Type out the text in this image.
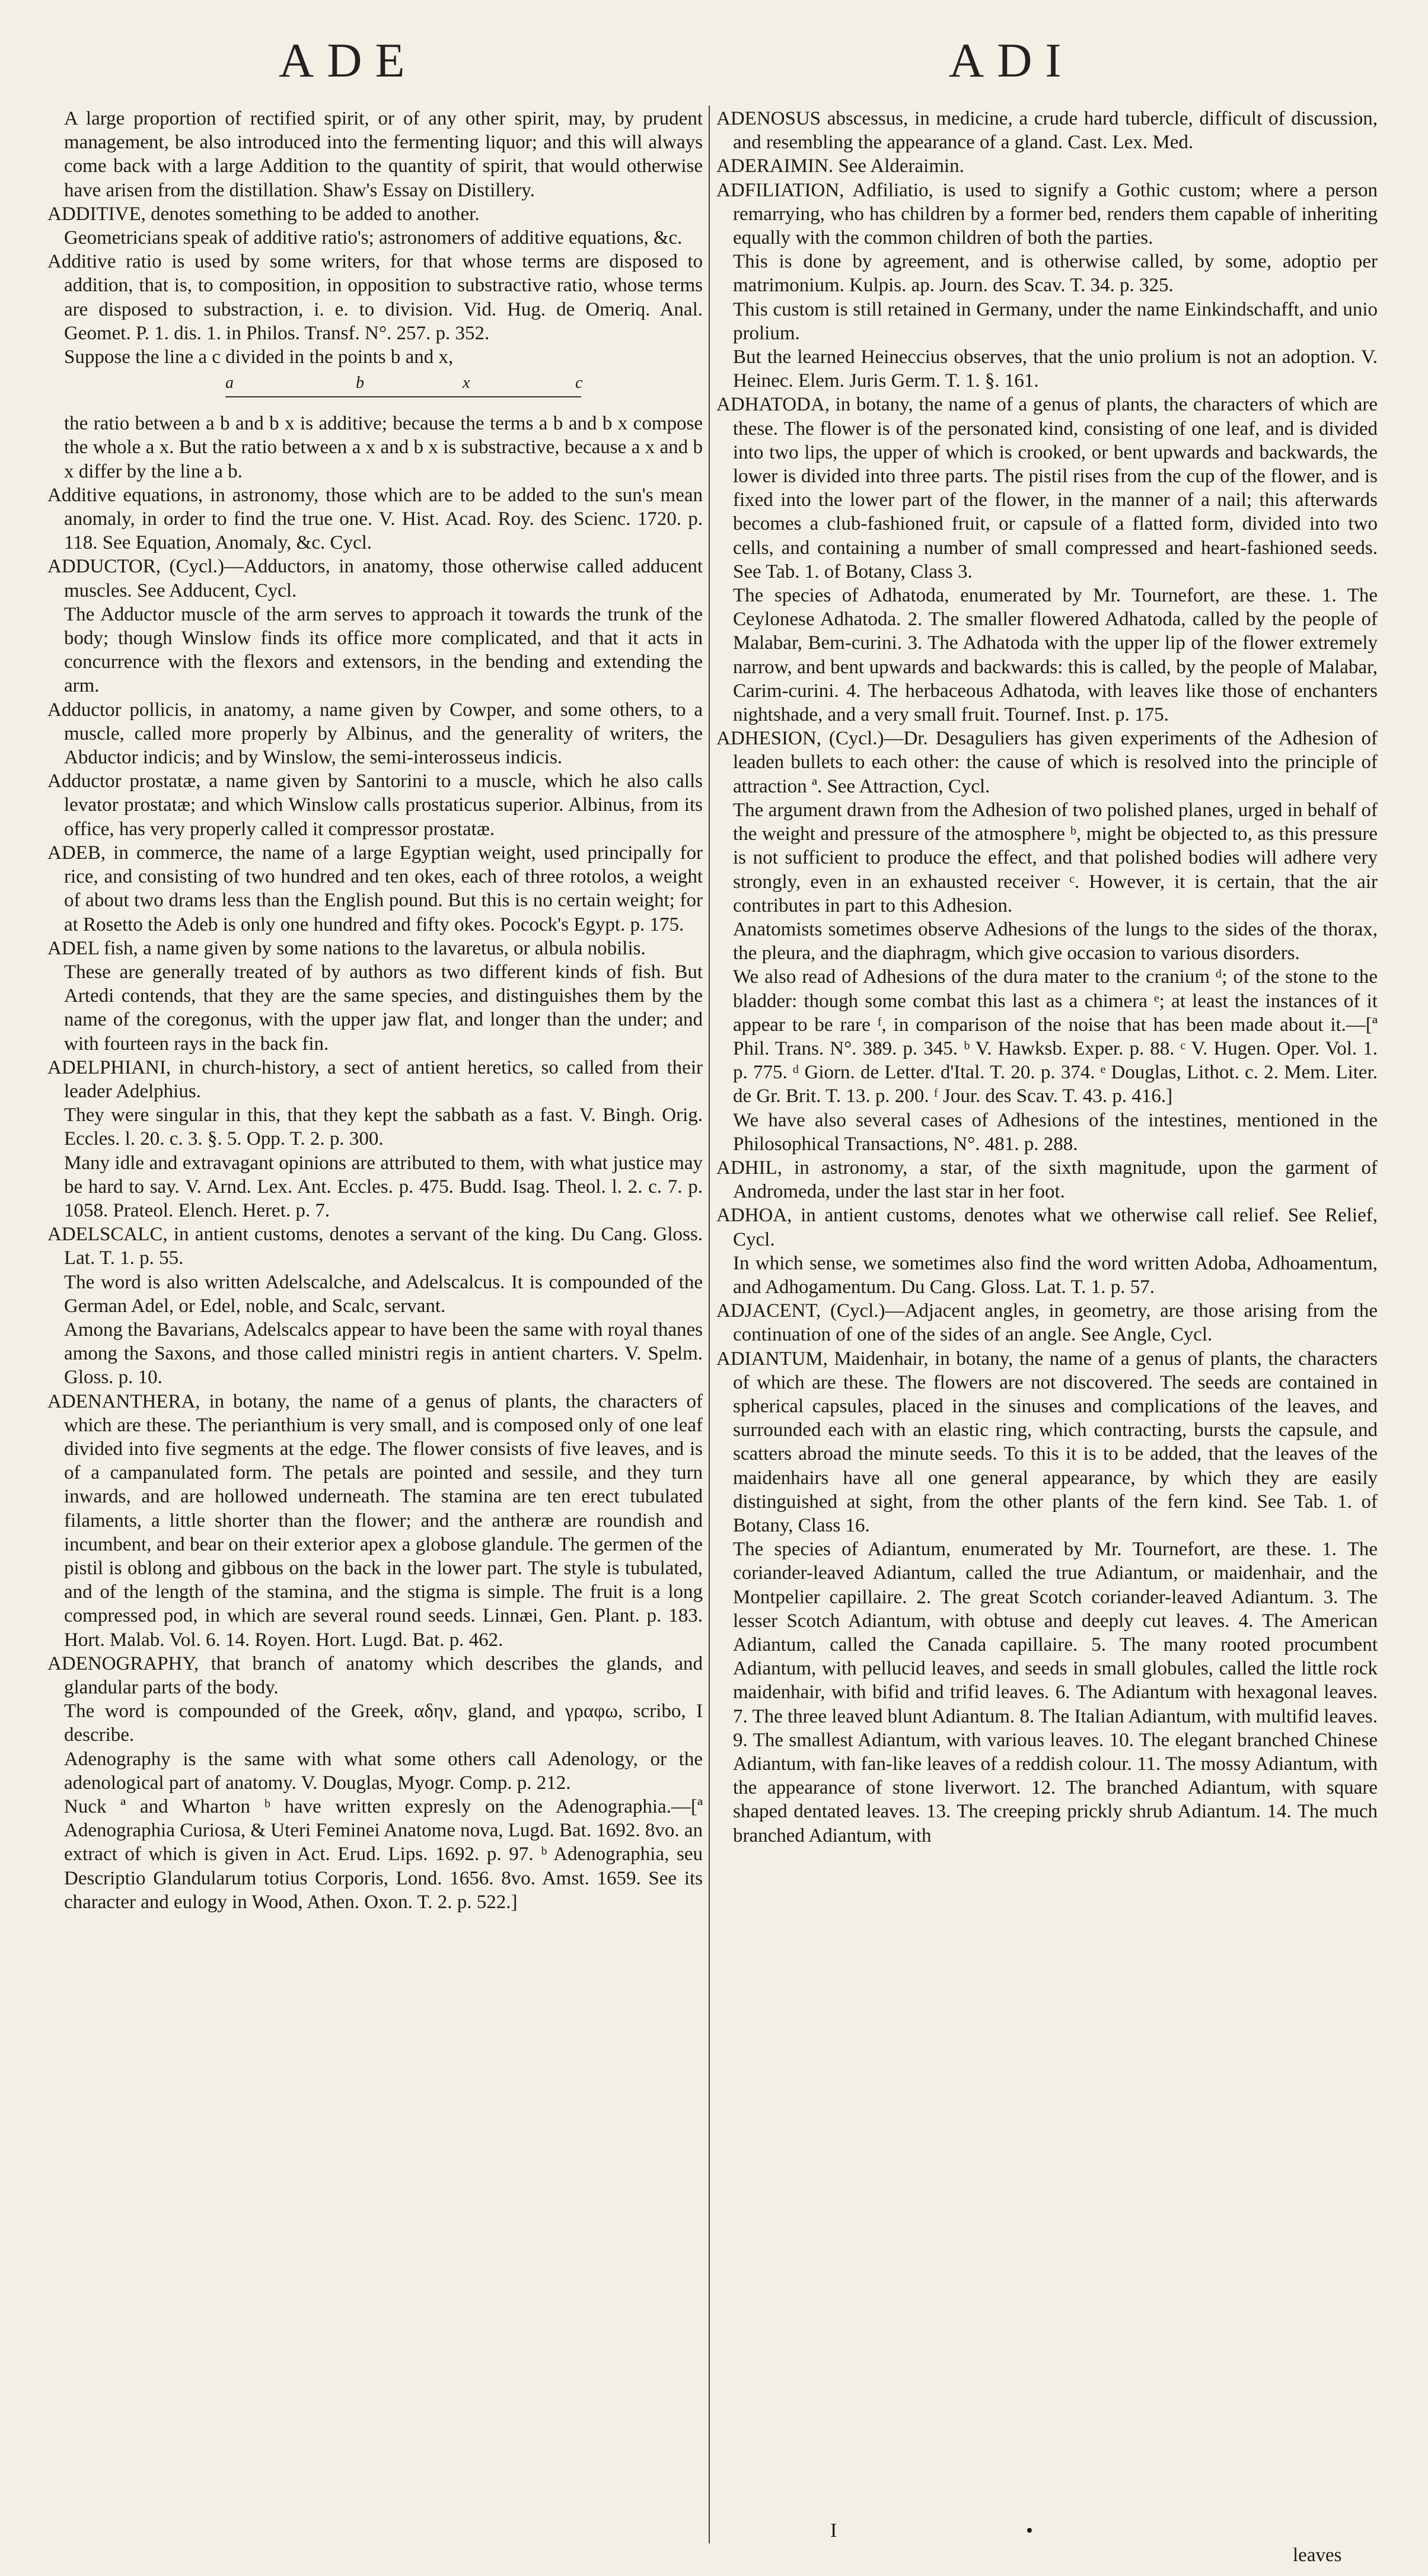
ADE	ADI

A large proportion of rectified spirit, or of any other spirit, may, by prudent management, be also introduced into the fermenting liquor; and this will always come back with a large Addition to the quantity of spirit, that would otherwise have arisen from the distillation. Shaw's Essay on Distillery.

ADDITIVE, denotes something to be added to another.

Geometricians speak of additive ratio's; astronomers of additive equations, &c.

Additive ratio is used by some writers, for that whose terms are disposed to addition, that is, to composition, in opposition to substractive ratio, whose terms are disposed to substraction, i. e. to division. Vid. Hug. de Omeriq. Anal. Geomet. P. 1. dis. 1. in Philos. Transf. N°. 257. p. 352.

Suppose the line a c divided in the points b and x,

a	b	x	c

the ratio between a b and b x is additive; because the terms a b and b x compose the whole a x. But the ratio between a x and b x is substractive, because a x and b x differ by the line a b.

Additive equations, in astronomy, those which are to be added to the sun's mean anomaly, in order to find the true one. V. Hist. Acad. Roy. des Scienc. 1720. p. 118. See Equation, Anomaly, &c. Cycl.

ADDUCTOR, (Cycl.)—Adductors, in anatomy, those otherwise called adducent muscles. See Adducent, Cycl.

The Adductor muscle of the arm serves to approach it towards the trunk of the body; though Winslow finds its office more complicated, and that it acts in concurrence with the flexors and extensors, in the bending and extending the arm.

Adductor pollicis, in anatomy, a name given by Cowper, and some others, to a muscle, called more properly by Albinus, and the generality of writers, the Abductor indicis; and by Winslow, the semi-interosseus indicis.

Adductor prostatæ, a name given by Santorini to a muscle, which he also calls levator prostatæ; and which Winslow calls prostaticus superior. Albinus, from its office, has very properly called it compressor prostatæ.

ADEB, in commerce, the name of a large Egyptian weight, used principally for rice, and consisting of two hundred and ten okes, each of three rotolos, a weight of about two drams less than the English pound. But this is no certain weight; for at Rosetto the Adeb is only one hundred and fifty okes. Pocock's Egypt. p. 175.

ADEL fish, a name given by some nations to the lavaretus, or albula nobilis.

These are generally treated of by authors as two different kinds of fish. But Artedi contends, that they are the same species, and distinguishes them by the name of the coregonus, with the upper jaw flat, and longer than the under; and with fourteen rays in the back fin.

ADELPHIANI, in church-history, a sect of antient heretics, so called from their leader Adelphius.

They were singular in this, that they kept the sabbath as a fast. V. Bingh. Orig. Eccles. l. 20. c. 3. §. 5. Opp. T. 2. p. 300.

Many idle and extravagant opinions are attributed to them, with what justice may be hard to say. V. Arnd. Lex. Ant. Eccles. p. 475. Budd. Isag. Theol. l. 2. c. 7. p. 1058. Prateol. Elench. Heret. p. 7.

ADELSCALC, in antient customs, denotes a servant of the king. Du Cang. Gloss. Lat. T. 1. p. 55.

The word is also written Adelscalche, and Adelscalcus. It is compounded of the German Adel, or Edel, noble, and Scalc, servant.

Among the Bavarians, Adelscalcs appear to have been the same with royal thanes among the Saxons, and those called ministri regis in antient charters. V. Spelm. Gloss. p. 10.

ADENANTHERA, in botany, the name of a genus of plants, the characters of which are these. The perianthium is very small, and is composed only of one leaf divided into five segments at the edge. The flower consists of five leaves, and is of a campanulated form. The petals are pointed and sessile, and they turn inwards, and are hollowed underneath. The stamina are ten erect tubulated filaments, a little shorter than the flower; and the antheræ are roundish and incumbent, and bear on their exterior apex a globose glandule. The germen of the pistil is oblong and gibbous on the back in the lower part. The style is tubulated, and of the length of the stamina, and the stigma is simple. The fruit is a long compressed pod, in which are several round seeds. Linnæi, Gen. Plant. p. 183. Hort. Malab. Vol. 6. 14. Royen. Hort. Lugd. Bat. p. 462.

ADENOGRAPHY, that branch of anatomy which describes the glands, and glandular parts of the body.

The word is compounded of the Greek, αδην, gland, and γραφω, scribo, I describe.

Adenography is the same with what some others call Adenology, or the adenological part of anatomy. V. Douglas, Myogr. Comp. p. 212.

Nuck ª and Wharton ᵇ have written expresly on the Adenographia.—[ª Adenographia Curiosa, & Uteri Feminei Anatome nova, Lugd. Bat. 1692. 8vo. an extract of which is given in Act. Erud. Lips. 1692. p. 97. ᵇ Adenographia, seu Descriptio Glandularum totius Corporis, Lond. 1656. 8vo. Amst. 1659. See its character and eulogy in Wood, Athen. Oxon. T. 2. p. 522.]

ADENOSUS abscessus, in medicine, a crude hard tubercle, difficult of discussion, and resembling the appearance of a gland. Cast. Lex. Med.

ADERAIMIN. See Alderaimin.

ADFILIATION, Adfiliatio, is used to signify a Gothic custom; where a person remarrying, who has children by a former bed, renders them capable of inheriting equally with the common children of both the parties.

This is done by agreement, and is otherwise called, by some, adoptio per matrimonium. Kulpis. ap. Journ. des Scav. T. 34. p. 325.

This custom is still retained in Germany, under the name Einkindschafft, and unio prolium.

But the learned Heineccius observes, that the unio prolium is not an adoption. V. Heinec. Elem. Juris Germ. T. 1. §. 161.

ADHATODA, in botany, the name of a genus of plants, the characters of which are these. The flower is of the personated kind, consisting of one leaf, and is divided into two lips, the upper of which is crooked, or bent upwards and backwards, the lower is divided into three parts. The pistil rises from the cup of the flower, and is fixed into the lower part of the flower, in the manner of a nail; this afterwards becomes a club-fashioned fruit, or capsule of a flatted form, divided into two cells, and containing a number of small compressed and heart-fashioned seeds. See Tab. 1. of Botany, Class 3.

The species of Adhatoda, enumerated by Mr. Tournefort, are these. 1. The Ceylonese Adhatoda. 2. The smaller flowered Adhatoda, called by the people of Malabar, Bem-curini. 3. The Adhatoda with the upper lip of the flower extremely narrow, and bent upwards and backwards: this is called, by the people of Malabar, Carim-curini. 4. The herbaceous Adhatoda, with leaves like those of enchanters nightshade, and a very small fruit. Tournef. Inst. p. 175.

ADHESION, (Cycl.)—Dr. Desaguliers has given experiments of the Adhesion of leaden bullets to each other: the cause of which is resolved into the principle of attraction ª. See Attraction, Cycl.

The argument drawn from the Adhesion of two polished planes, urged in behalf of the weight and pressure of the atmosphere ᵇ, might be objected to, as this pressure is not sufficient to produce the effect, and that polished bodies will adhere very strongly, even in an exhausted receiver ᶜ. However, it is certain, that the air contributes in part to this Adhesion.

Anatomists sometimes observe Adhesions of the lungs to the sides of the thorax, the pleura, and the diaphragm, which give occasion to various disorders.

We also read of Adhesions of the dura mater to the cranium ᵈ; of the stone to the bladder: though some combat this last as a chimera ᵉ; at least the instances of it appear to be rare ᶠ, in comparison of the noise that has been made about it.—[ª Phil. Trans. N°. 389. p. 345. ᵇ V. Hawksb. Exper. p. 88. ᶜ V. Hugen. Oper. Vol. 1. p. 775. ᵈ Giorn. de Letter. d'Ital. T. 20. p. 374. ᵉ Douglas, Lithot. c. 2. Mem. Liter. de Gr. Brit. T. 13. p. 200. ᶠ Jour. des Scav. T. 43. p. 416.]

We have also several cases of Adhesions of the intestines, mentioned in the Philosophical Transactions, N°. 481. p. 288.

ADHIL, in astronomy, a star, of the sixth magnitude, upon the garment of Andromeda, under the last star in her foot.

ADHOA, in antient customs, denotes what we otherwise call relief. See Relief, Cycl.

In which sense, we sometimes also find the word written Adoba, Adhoamentum, and Adhogamentum. Du Cang. Gloss. Lat. T. 1. p. 57.

ADJACENT, (Cycl.)—Adjacent angles, in geometry, are those arising from the continuation of one of the sides of an angle. See Angle, Cycl.

ADIANTUM, Maidenhair, in botany, the name of a genus of plants, the characters of which are these. The flowers are not discovered. The seeds are contained in spherical capsules, placed in the sinuses and complications of the leaves, and surrounded each with an elastic ring, which contracting, bursts the capsule, and scatters abroad the minute seeds. To this it is to be added, that the leaves of the maidenhairs have all one general appearance, by which they are easily distinguished at sight, from the other plants of the fern kind. See Tab. 1. of Botany, Class 16.

The species of Adiantum, enumerated by Mr. Tournefort, are these. 1. The coriander-leaved Adiantum, called the true Adiantum, or maidenhair, and the Montpelier capillaire. 2. The great Scotch coriander-leaved Adiantum. 3. The lesser Scotch Adiantum, with obtuse and deeply cut leaves. 4. The American Adiantum, called the Canada capillaire. 5. The many rooted procumbent Adiantum, with pellucid leaves, and seeds in small globules, called the little rock maidenhair, with bifid and trifid leaves. 6. The Adiantum with hexagonal leaves. 7. The three leaved blunt Adiantum. 8. The Italian Adiantum, with multifid leaves. 9. The smallest Adiantum, with various leaves. 10. The elegant branched Chinese Adiantum, with fan-like leaves of a reddish colour. 11. The mossy Adiantum, with the appearance of stone liverwort. 12. The branched Adiantum, with square shaped dentated leaves. 13. The creeping prickly shrub Adiantum. 14. The much branched Adiantum, with

I	•
leaves
